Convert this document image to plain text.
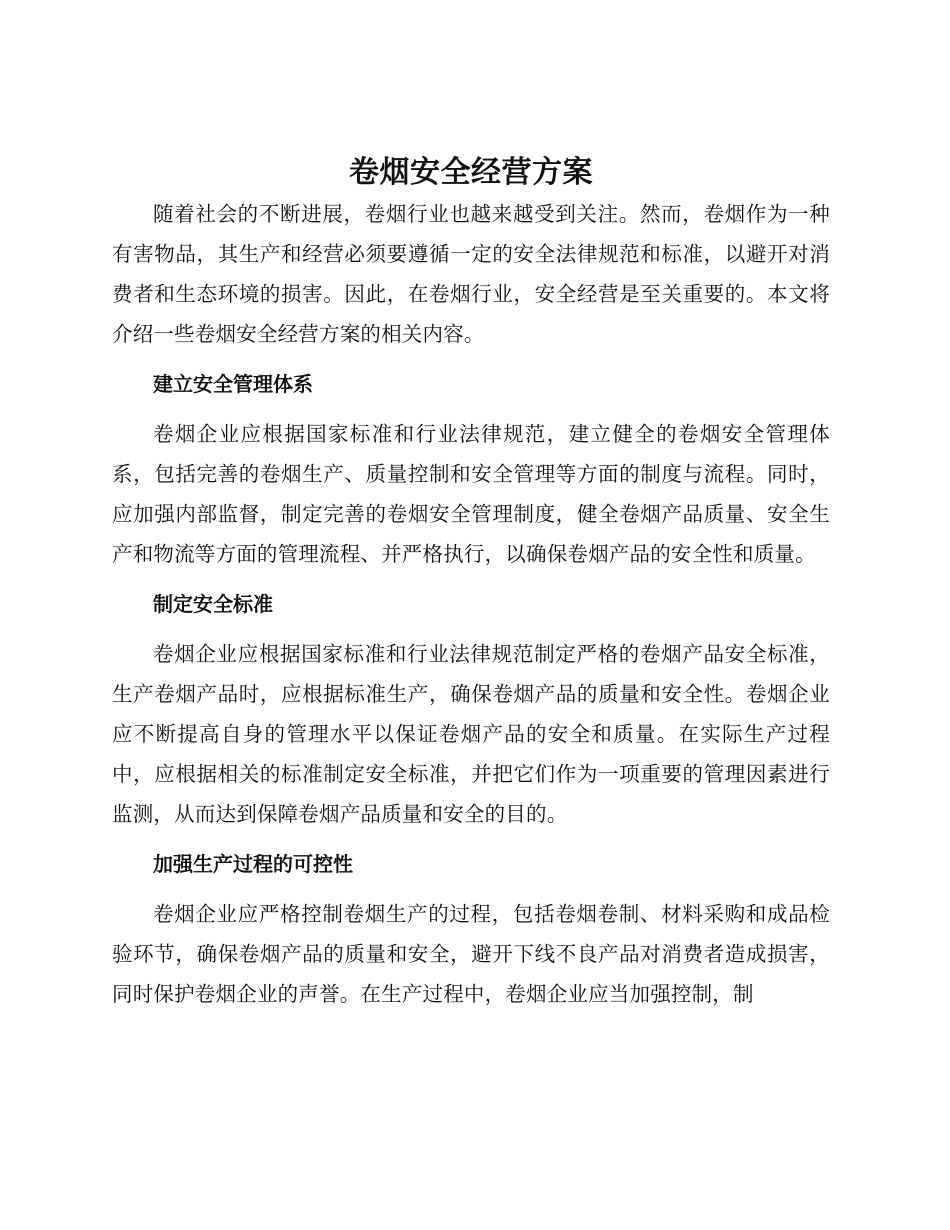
卷烟安全经营方案

随着社会的不断进展，卷烟行业也越来越受到关注。然而，卷烟作为一种有害物品，其生产和经营必须要遵循一定的安全法律规范和标准，以避开对消费者和生态环境的损害。因此，在卷烟行业，安全经营是至关重要的。本文将介绍一些卷烟安全经营方案的相关内容。

建立安全管理体系

卷烟企业应根据国家标准和行业法律规范，建立健全的卷烟安全管理体系，包括完善的卷烟生产、质量控制和安全管理等方面的制度与流程。同时，应加强内部监督，制定完善的卷烟安全管理制度，健全卷烟产品质量、安全生产和物流等方面的管理流程、并严格执行，以确保卷烟产品的安全性和质量。

制定安全标准

卷烟企业应根据国家标准和行业法律规范制定严格的卷烟产品安全标准，生产卷烟产品时，应根据标准生产，确保卷烟产品的质量和安全性。卷烟企业应不断提高自身的管理水平以保证卷烟产品的安全和质量。在实际生产过程中，应根据相关的标准制定安全标准，并把它们作为一项重要的管理因素进行监测，从而达到保障卷烟产品质量和安全的目的。

加强生产过程的可控性

卷烟企业应严格控制卷烟生产的过程，包括卷烟卷制、材料采购和成品检验环节，确保卷烟产品的质量和安全，避开下线不良产品对消费者造成损害，同时保护卷烟企业的声誉。在生产过程中，卷烟企业应当加强控制，制
